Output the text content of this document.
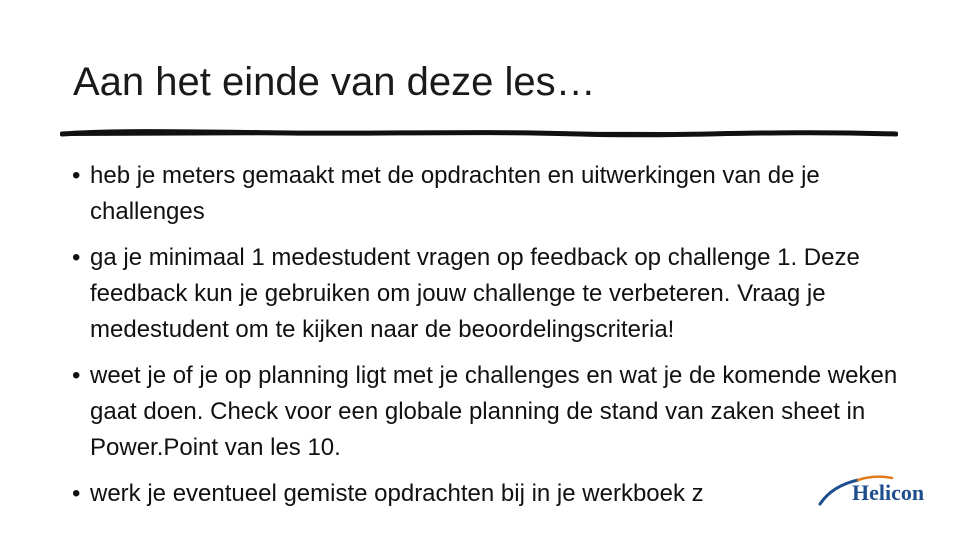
Aan het einde van deze les…
• heb je meters gemaakt met de opdrachten en uitwerkingen van de je challenges
• ga je minimaal 1 medestudent vragen op feedback op challenge 1. Deze feedback kun je gebruiken om jouw challenge te verbeteren. Vraag je medestudent om te kijken naar de beoordelingscriteria!
• weet je of je op planning ligt met je challenges en wat je de komende weken gaat doen. Check voor een globale planning de stand van zaken sheet in Power.Point van les 10.
• werk je eventueel gemiste opdrachten bij in je werkboek z	Helicon
